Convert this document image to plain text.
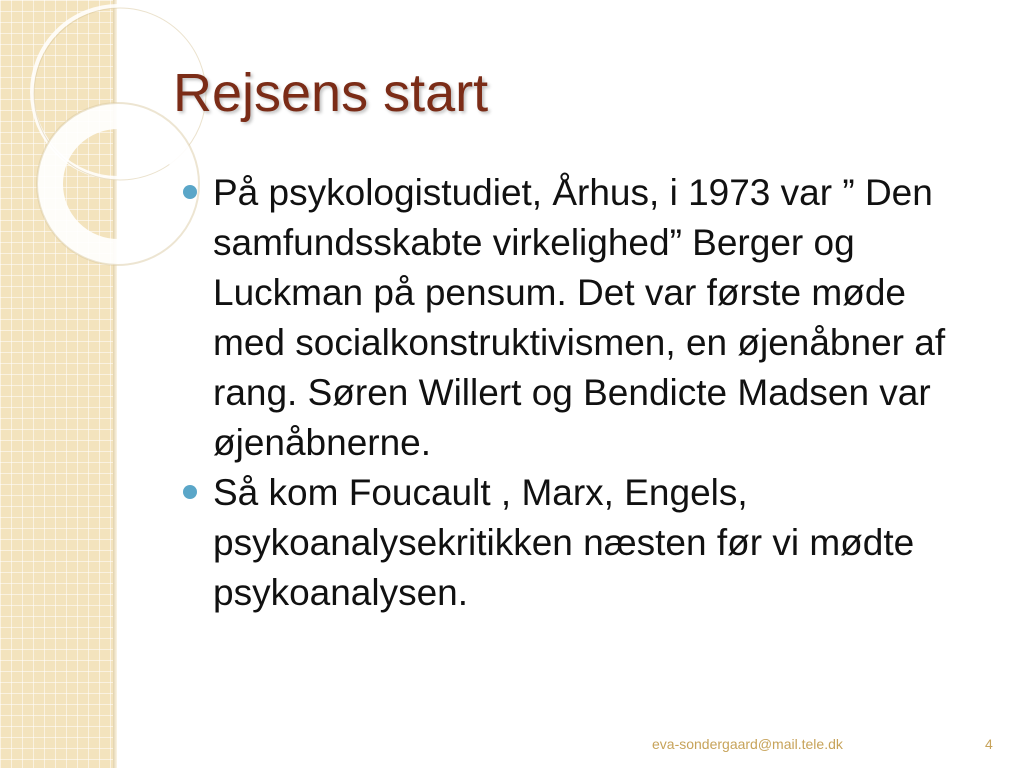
Rejsens start
På psykologistudiet, Århus, i 1973 var ” Den samfundsskabte virkelighed” Berger og Luckman på pensum. Det var første møde med socialkonstruktivismen, en øjenåbner af rang. Søren Willert og Bendicte Madsen var øjenåbnerne.
Så kom Foucault , Marx, Engels, psykoanalysekritikken næsten før vi mødte psykoanalysen.
eva-sondergaard@mail.tele.dk	4
